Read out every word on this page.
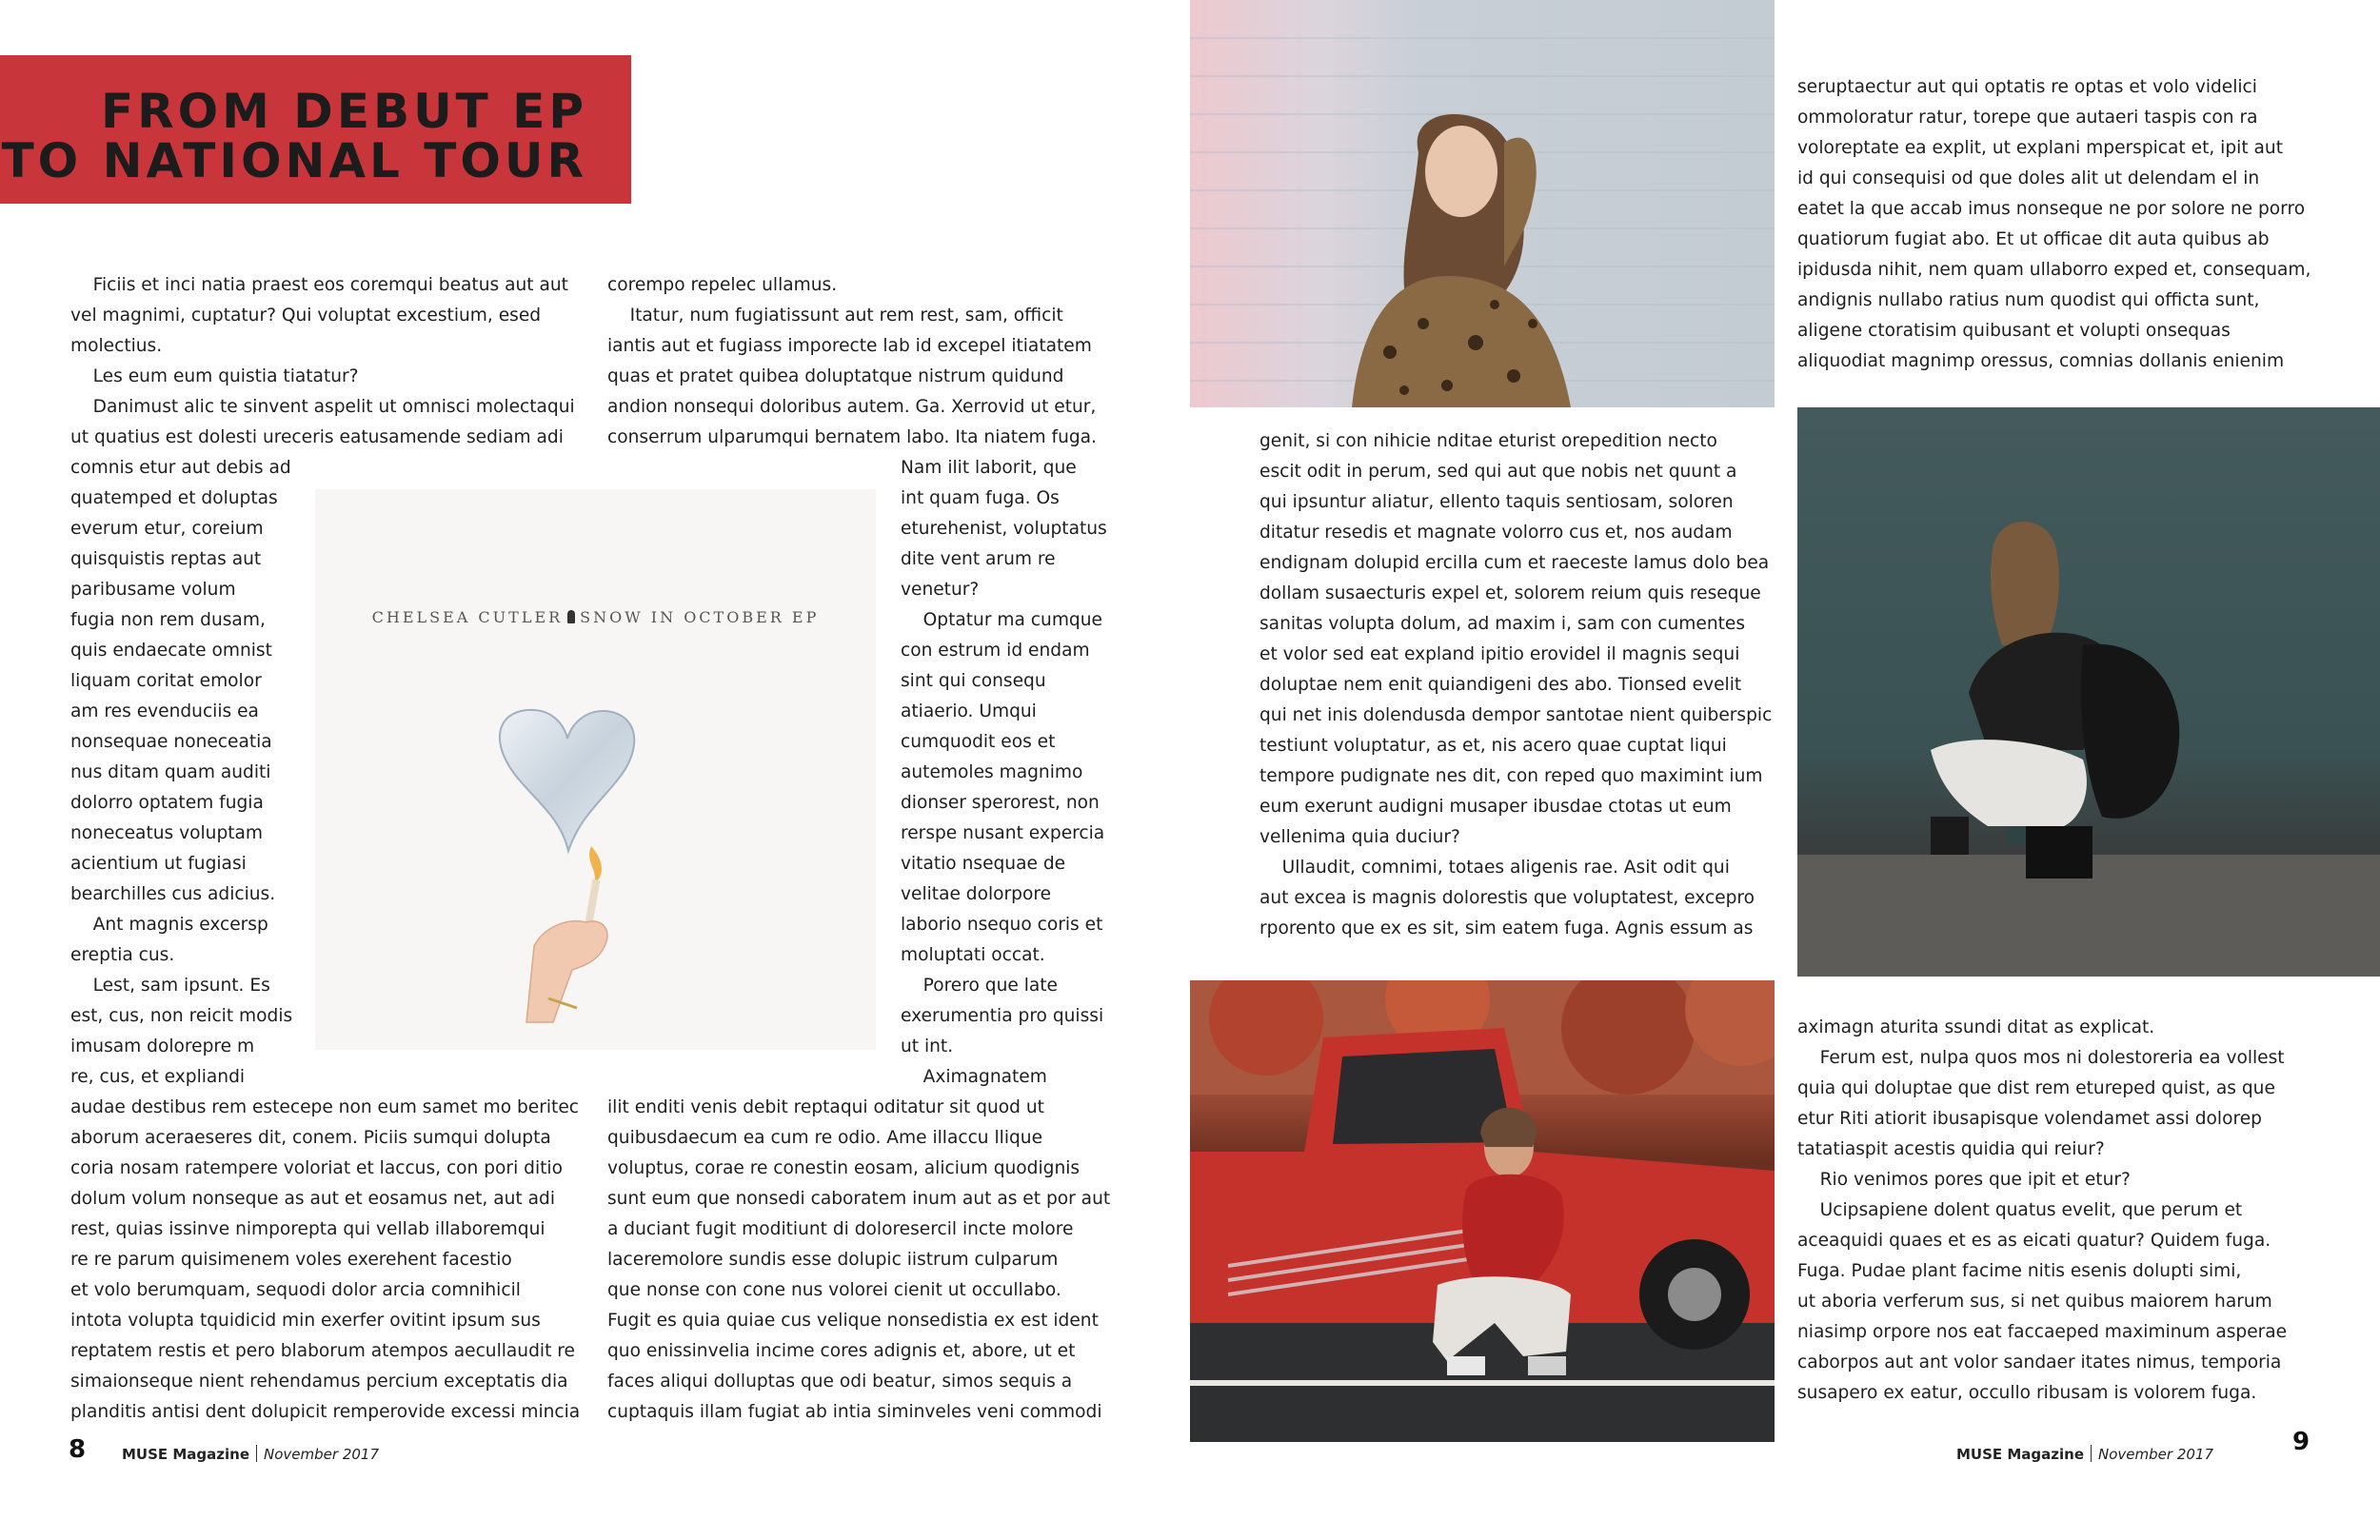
FROM DEBUT EP
TO NATIONAL TOUR
Ficiis et inci natia praest eos coremqui beatus aut aut
vel magnimi, cuptatur? Qui voluptat excestium, esed
molectius.
Les eum eum quistia tiatatur?
Danimust alic te sinvent aspelit ut omnisci molectaqui
ut quatius est dolesti ureceris eatusamende sediam adi
comnis etur aut debis ad
quatemped et doluptas
everum etur, coreium
quisquistis reptas aut
paribusame volum
fugia non rem dusam,
quis endaecate omnist
liquam coritat emolor
am res evenduciis ea
nonsequae noneceatia
nus ditam quam auditi
dolorro optatem fugia
noneceatus voluptam
acientium ut fugiasi
bearchilles cus adicius.
Ant magnis excersp
ereptia cus.
Lest, sam ipsunt. Es
est, cus, non reicit modis
imusam dolorepre m
re, cus, et expliandi
audae destibus rem estecepe non eum samet mo beritec
aborum aceraeseres dit, conem. Piciis sumqui dolupta
coria nosam ratempere voloriat et laccus, con pori ditio
dolum volum nonseque as aut et eosamus net, aut adi
rest, quias issinve nimporepta qui vellab illaboremqui
re re parum quisimenem voles exerehent facestio
et volo berumquam, sequodi dolor arcia comnihicil
intota volupta tquidicid min exerfer ovitint ipsum sus
reptatem restis et pero blaborum atempos aecullaudit re
simaionseque nient rehendamus percium exceptatis dia
planditis antisi dent dolupicit remperovide excessi mincia
CHELSEA CUTLER SNOW IN OCTOBER EP
corempo repelec ullamus.
Itatur, num fugiatissunt aut rem rest, sam, officit
iantis aut et fugiass imporecte lab id excepel itiatatem
quas et pratet quibea doluptatque nistrum quidund
andion nonsequi doloribus autem. Ga. Xerrovid ut etur,
conserrum ulparumqui bernatem labo. Ita niatem fuga.
Nam ilit laborit, que
int quam fuga. Os
eturehenist, voluptatus
dite vent arum re
venetur?
Optatur ma cumque
con estrum id endam
sint qui consequ
atiaerio. Umqui
cumquodit eos et
autemoles magnimo
dionser sperorest, non
rerspe nusant expercia
vitatio nsequae de
velitae dolorpore
laborio nsequo coris et
moluptati occat.
Porero que late
exerumentia pro quissi
ut int.
Aximagnatem
ilit enditi venis debit reptaqui oditatur sit quod ut
quibusdaecum ea cum re odio. Ame illaccu llique
voluptus, corae re conestin eosam, alicium quodignis
sunt eum que nonsedi caboratem inum aut as et por aut
a duciant fugit moditiunt di doloresercil incte molore
laceremolore sundis esse dolupic iistrum culparum
que nonse con cone nus volorei cienit ut occullabo.
Fugit es quia quiae cus velique nonsedistia ex est ident
quo enissinvelia incime cores adignis et, abore, ut et
faces aliqui dolluptas que odi beatur, simos sequis a
cuptaquis illam fugiat ab intia siminveles veni commodi
genit, si con nihicie nditae eturist orepedition necto
escit odit in perum, sed qui aut que nobis net quunt a
qui ipsuntur aliatur, ellento taquis sentiosam, soloren
ditatur resedis et magnate volorro cus et, nos audam
endignam dolupid ercilla cum et raeceste lamus dolo bea
dollam susaecturis expel et, solorem reium quis reseque
sanitas volupta dolum, ad maxim i, sam con cumentes
et volor sed eat expland ipitio erovidel il magnis sequi
doluptae nem enit quiandigeni des abo. Tionsed evelit
qui net inis dolendusda dempor santotae nient quiberspic
testiunt voluptatur, as et, nis acero quae cuptat liqui
tempore pudignate nes dit, con reped quo maximint ium
eum exerunt audigni musaper ibusdae ctotas ut eum
vellenima quia duciur?
Ullaudit, comnimi, totaes aligenis rae. Asit odit qui
aut excea is magnis dolorestis que voluptatest, excepro
rporento que ex es sit, sim eatem fuga. Agnis essum as
seruptaectur aut qui optatis re optas et volo videlici
ommoloratur ratur, torepe que autaeri taspis con ra
voloreptate ea explit, ut explani mperspicat et, ipit aut
id qui consequisi od que doles alit ut delendam el in
eatet la que accab imus nonseque ne por solore ne porro
quatiorum fugiat abo. Et ut officae dit auta quibus ab
ipidusda nihit, nem quam ullaborro exped et, consequam,
andignis nullabo ratius num quodist qui officta sunt,
aligene ctoratisim quibusant et volupti onsequas
aliquodiat magnimp oressus, comnias dollanis enienim
aximagn aturita ssundi ditat as explicat.
Ferum est, nulpa quos mos ni dolestoreria ea vollest
quia qui doluptae que dist rem etureped quist, as que
etur Riti atiorit ibusapisque volendamet assi dolorep
tatatiaspit acestis quidia qui reiur?
Rio venimos pores que ipit et etur?
Ucipsapiene dolent quatus evelit, que perum et
aceaquidi quaes et es as eicati quatur? Quidem fuga.
Fuga. Pudae plant facime nitis esenis dolupti simi,
ut aboria verferum sus, si net quibus maiorem harum
niasimp orpore nos eat faccaeped maximinum asperae
caborpos aut ant volor sandaer itates nimus, temporia
susapero ex eatur, occullo ribusam is volorem fuga.
8	MUSE Magazine November 2017	MUSE Magazine November 2017	9
